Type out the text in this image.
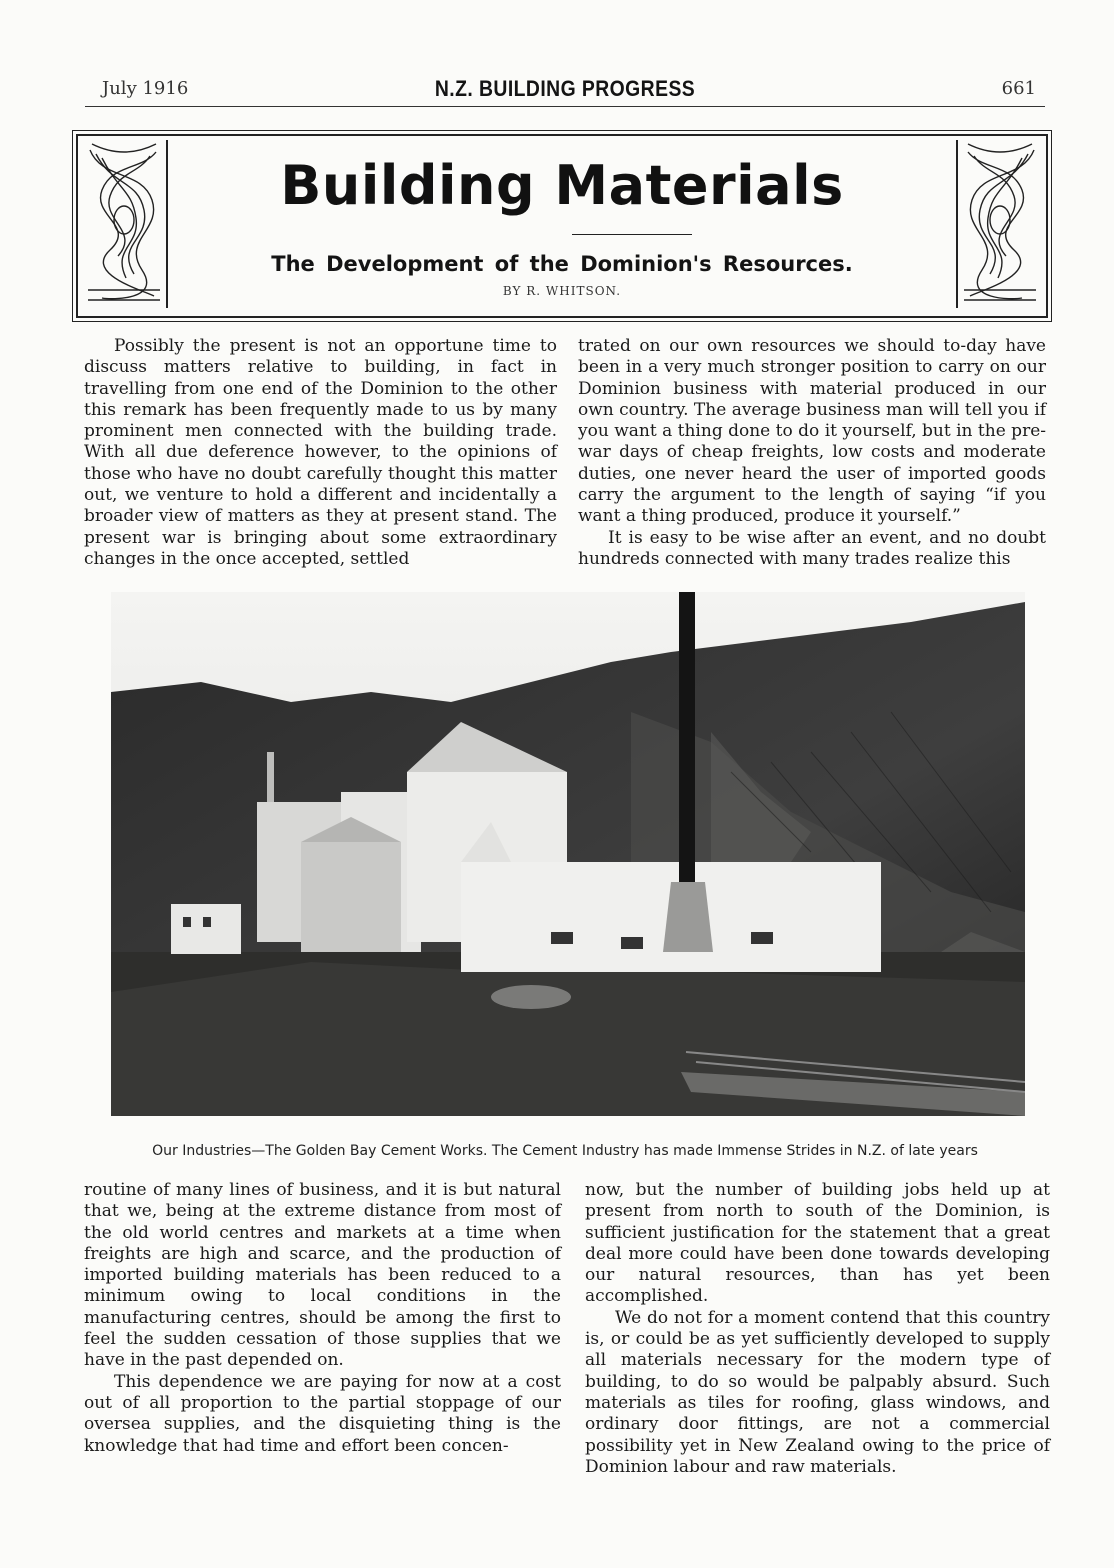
July 1916	N.Z. BUILDING PROGRESS	661
Building Materials
The Development of the Dominion's Resources.
BY R. WHITSON.

Possibly the present is not an opportune time to discuss matters relative to building, in fact in travelling from one end of the Dominion to the other this remark has been frequently made to us by many prominent men connected with the building trade. With all due deference however, to the opinions of those who have no doubt carefully thought this matter out, we venture to hold a different and incidentally a broader view of matters as they at present stand. The present war is bringing about some extraordinary changes in the once accepted, settled

trated on our own resources we should to-day have been in a very much stronger position to carry on our Dominion business with material produced in our own country. The average business man will tell you if you want a thing done to do it yourself, but in the pre-war days of cheap freights, low costs and moderate duties, one never heard the user of imported goods carry the argument to the length of saying “if you want a thing produced, produce it yourself.”

It is easy to be wise after an event, and no doubt hundreds connected with many trades realize this

Our Industries—The Golden Bay Cement Works. The Cement Industry has made Immense Strides in N.Z. of late years

routine of many lines of business, and it is but natural that we, being at the extreme distance from most of the old world centres and markets at a time when freights are high and scarce, and the production of imported building materials has been reduced to a minimum owing to local conditions in the manufacturing centres, should be among the first to feel the sudden cessation of those supplies that we have in the past depended on.

This dependence we are paying for now at a cost out of all proportion to the partial stoppage of our oversea supplies, and the disquieting thing is the knowledge that had time and effort been concen-

now, but the number of building jobs held up at present from north to south of the Dominion, is sufficient justification for the statement that a great deal more could have been done towards developing our natural resources, than has yet been accomplished.

We do not for a moment contend that this country is, or could be as yet sufficiently developed to supply all materials necessary for the modern type of building, to do so would be palpably absurd. Such materials as tiles for roofing, glass windows, and ordinary door fittings, are not a commercial possibility yet in New Zealand owing to the price of Dominion labour and raw materials.
